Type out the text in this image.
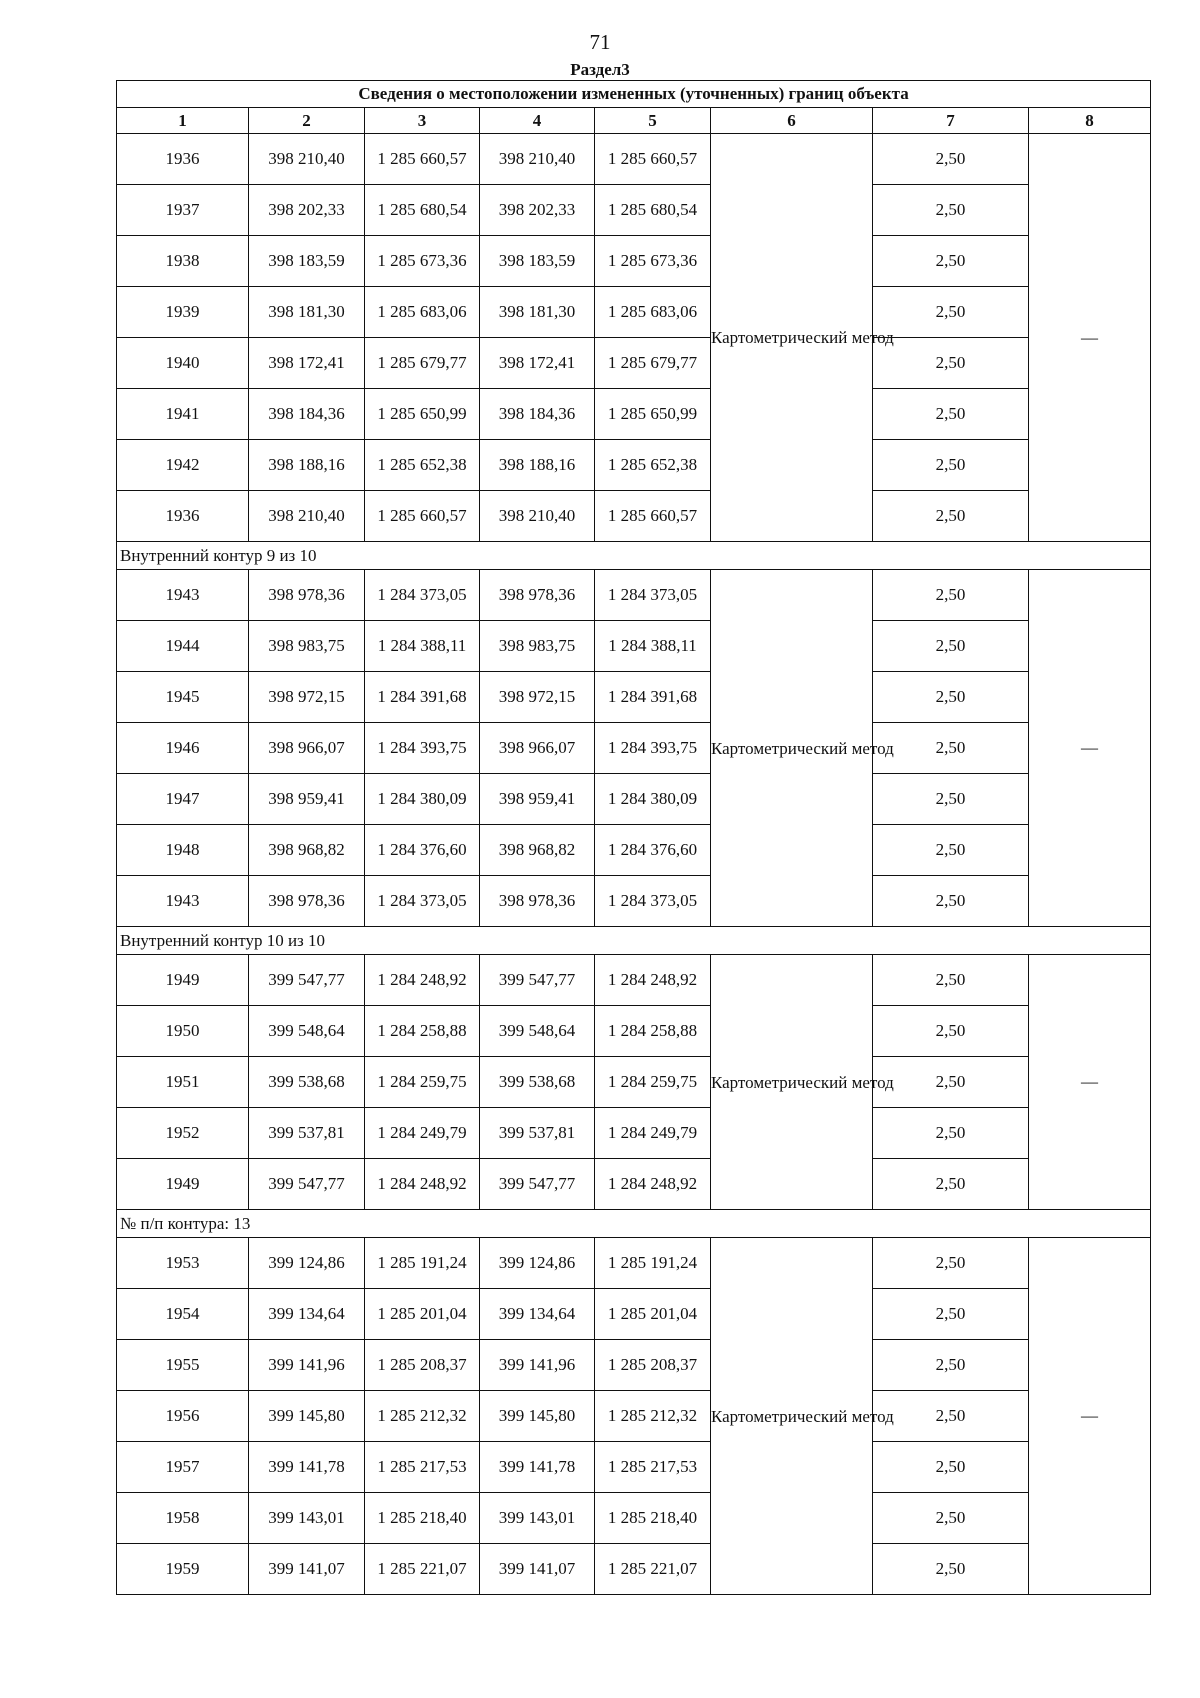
71
Раздел3
Сведения о местоположении измененных (уточненных) границ объекта							
1	2	3	4	5	6	7	8
1936	398 210,40	1 285 660,57	398 210,40	1 285 660,57	Картометрический метод	2,50	—
1937	398 202,33	1 285 680,54	398 202,33	1 285 680,54		2,50	
1938	398 183,59	1 285 673,36	398 183,59	1 285 673,36		2,50	
1939	398 181,30	1 285 683,06	398 181,30	1 285 683,06		2,50	
1940	398 172,41	1 285 679,77	398 172,41	1 285 679,77		2,50	
1941	398 184,36	1 285 650,99	398 184,36	1 285 650,99		2,50	
1942	398 188,16	1 285 652,38	398 188,16	1 285 652,38		2,50	
1936	398 210,40	1 285 660,57	398 210,40	1 285 660,57		2,50	
Внутренний контур 9 из 10							
1943	398 978,36	1 284 373,05	398 978,36	1 284 373,05	Картометрический метод	2,50	—
1944	398 983,75	1 284 388,11	398 983,75	1 284 388,11		2,50	
1945	398 972,15	1 284 391,68	398 972,15	1 284 391,68		2,50	
1946	398 966,07	1 284 393,75	398 966,07	1 284 393,75		2,50	
1947	398 959,41	1 284 380,09	398 959,41	1 284 380,09		2,50	
1948	398 968,82	1 284 376,60	398 968,82	1 284 376,60		2,50	
1943	398 978,36	1 284 373,05	398 978,36	1 284 373,05		2,50	
Внутренний контур 10 из 10							
1949	399 547,77	1 284 248,92	399 547,77	1 284 248,92	Картометрический метод	2,50	—
1950	399 548,64	1 284 258,88	399 548,64	1 284 258,88		2,50	
1951	399 538,68	1 284 259,75	399 538,68	1 284 259,75		2,50	
1952	399 537,81	1 284 249,79	399 537,81	1 284 249,79		2,50	
1949	399 547,77	1 284 248,92	399 547,77	1 284 248,92		2,50	
№ п/п контура: 13							
1953	399 124,86	1 285 191,24	399 124,86	1 285 191,24	Картометрический метод	2,50	—
1954	399 134,64	1 285 201,04	399 134,64	1 285 201,04		2,50	
1955	399 141,96	1 285 208,37	399 141,96	1 285 208,37		2,50	
1956	399 145,80	1 285 212,32	399 145,80	1 285 212,32		2,50	
1957	399 141,78	1 285 217,53	399 141,78	1 285 217,53		2,50	
1958	399 143,01	1 285 218,40	399 143,01	1 285 218,40		2,50	
1959	399 141,07	1 285 221,07	399 141,07	1 285 221,07		2,50	
